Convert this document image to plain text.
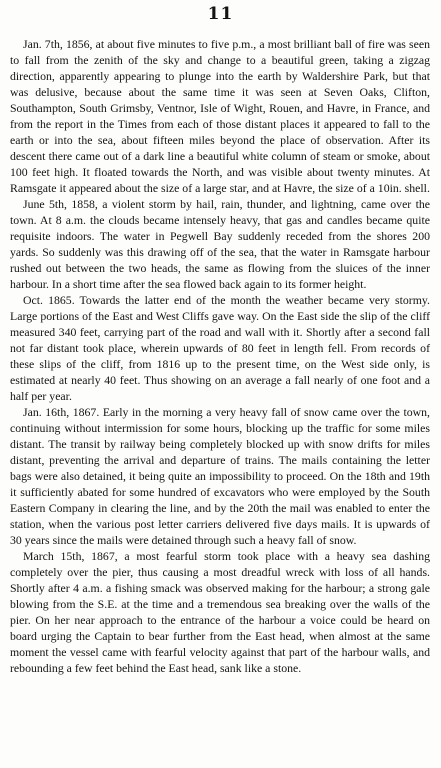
11

Jan. 7th, 1856, at about five minutes to five p.m., a most brilliant ball of fire was seen to fall from the zenith of the sky and change to a beautiful green, taking a zigzag direction, apparently appearing to plunge into the earth by Waldershire Park, but that was delusive, because about the same time it was seen at Seven Oaks, Clifton, Southampton, South Grimsby, Ventnor, Isle of Wight, Rouen, and Havre, in France, and from the report in the Times from each of those distant places it appeared to fall to the earth or into the sea, about fifteen miles beyond the place of observation. After its descent there came out of a dark line a beautiful white column of steam or smoke, about 100 feet high. It floated towards the North, and was visible about twenty minutes. At Ramsgate it appeared about the size of a large star, and at Havre, the size of a 10in. shell.

June 5th, 1858, a violent storm by hail, rain, thunder, and lightning, came over the town. At 8 a.m. the clouds became intensely heavy, that gas and candles became quite requisite indoors. The water in Pegwell Bay suddenly receded from the shores 200 yards. So suddenly was this drawing off of the sea, that the water in Ramsgate harbour rushed out between the two heads, the same as flowing from the sluices of the inner harbour. In a short time after the sea flowed back again to its former height.

Oct. 1865. Towards the latter end of the month the weather became very stormy. Large portions of the East and West Cliffs gave way. On the East side the slip of the cliff measured 340 feet, carrying part of the road and wall with it. Shortly after a second fall not far distant took place, wherein upwards of 80 feet in length fell. From records of these slips of the cliff, from 1816 up to the present time, on the West side only, is estimated at nearly 40 feet. Thus showing on an average a fall nearly of one foot and a half per year.

Jan. 16th, 1867. Early in the morning a very heavy fall of snow came over the town, continuing without intermission for some hours, blocking up the traffic for some miles distant. The transit by railway being completely blocked up with snow drifts for miles distant, preventing the arrival and departure of trains. The mails containing the letter bags were also detained, it being quite an impossibility to proceed. On the 18th and 19th it sufficiently abated for some hundred of excavators who were employed by the South Eastern Company in clearing the line, and by the 20th the mail was enabled to enter the station, when the various post letter carriers delivered five days mails. It is upwards of 30 years since the mails were detained through such a heavy fall of snow.

March 15th, 1867, a most fearful storm took place with a heavy sea dashing completely over the pier, thus causing a most dreadful wreck with loss of all hands. Shortly after 4 a.m. a fishing smack was observed making for the harbour; a strong gale blowing from the S.E. at the time and a tremendous sea breaking over the walls of the pier. On her near approach to the entrance of the harbour a voice could be heard on board urging the Captain to bear further from the East head, when almost at the same moment the vessel came with fearful velocity against that part of the harbour walls, and rebounding a few feet behind the East head, sank like a stone.
